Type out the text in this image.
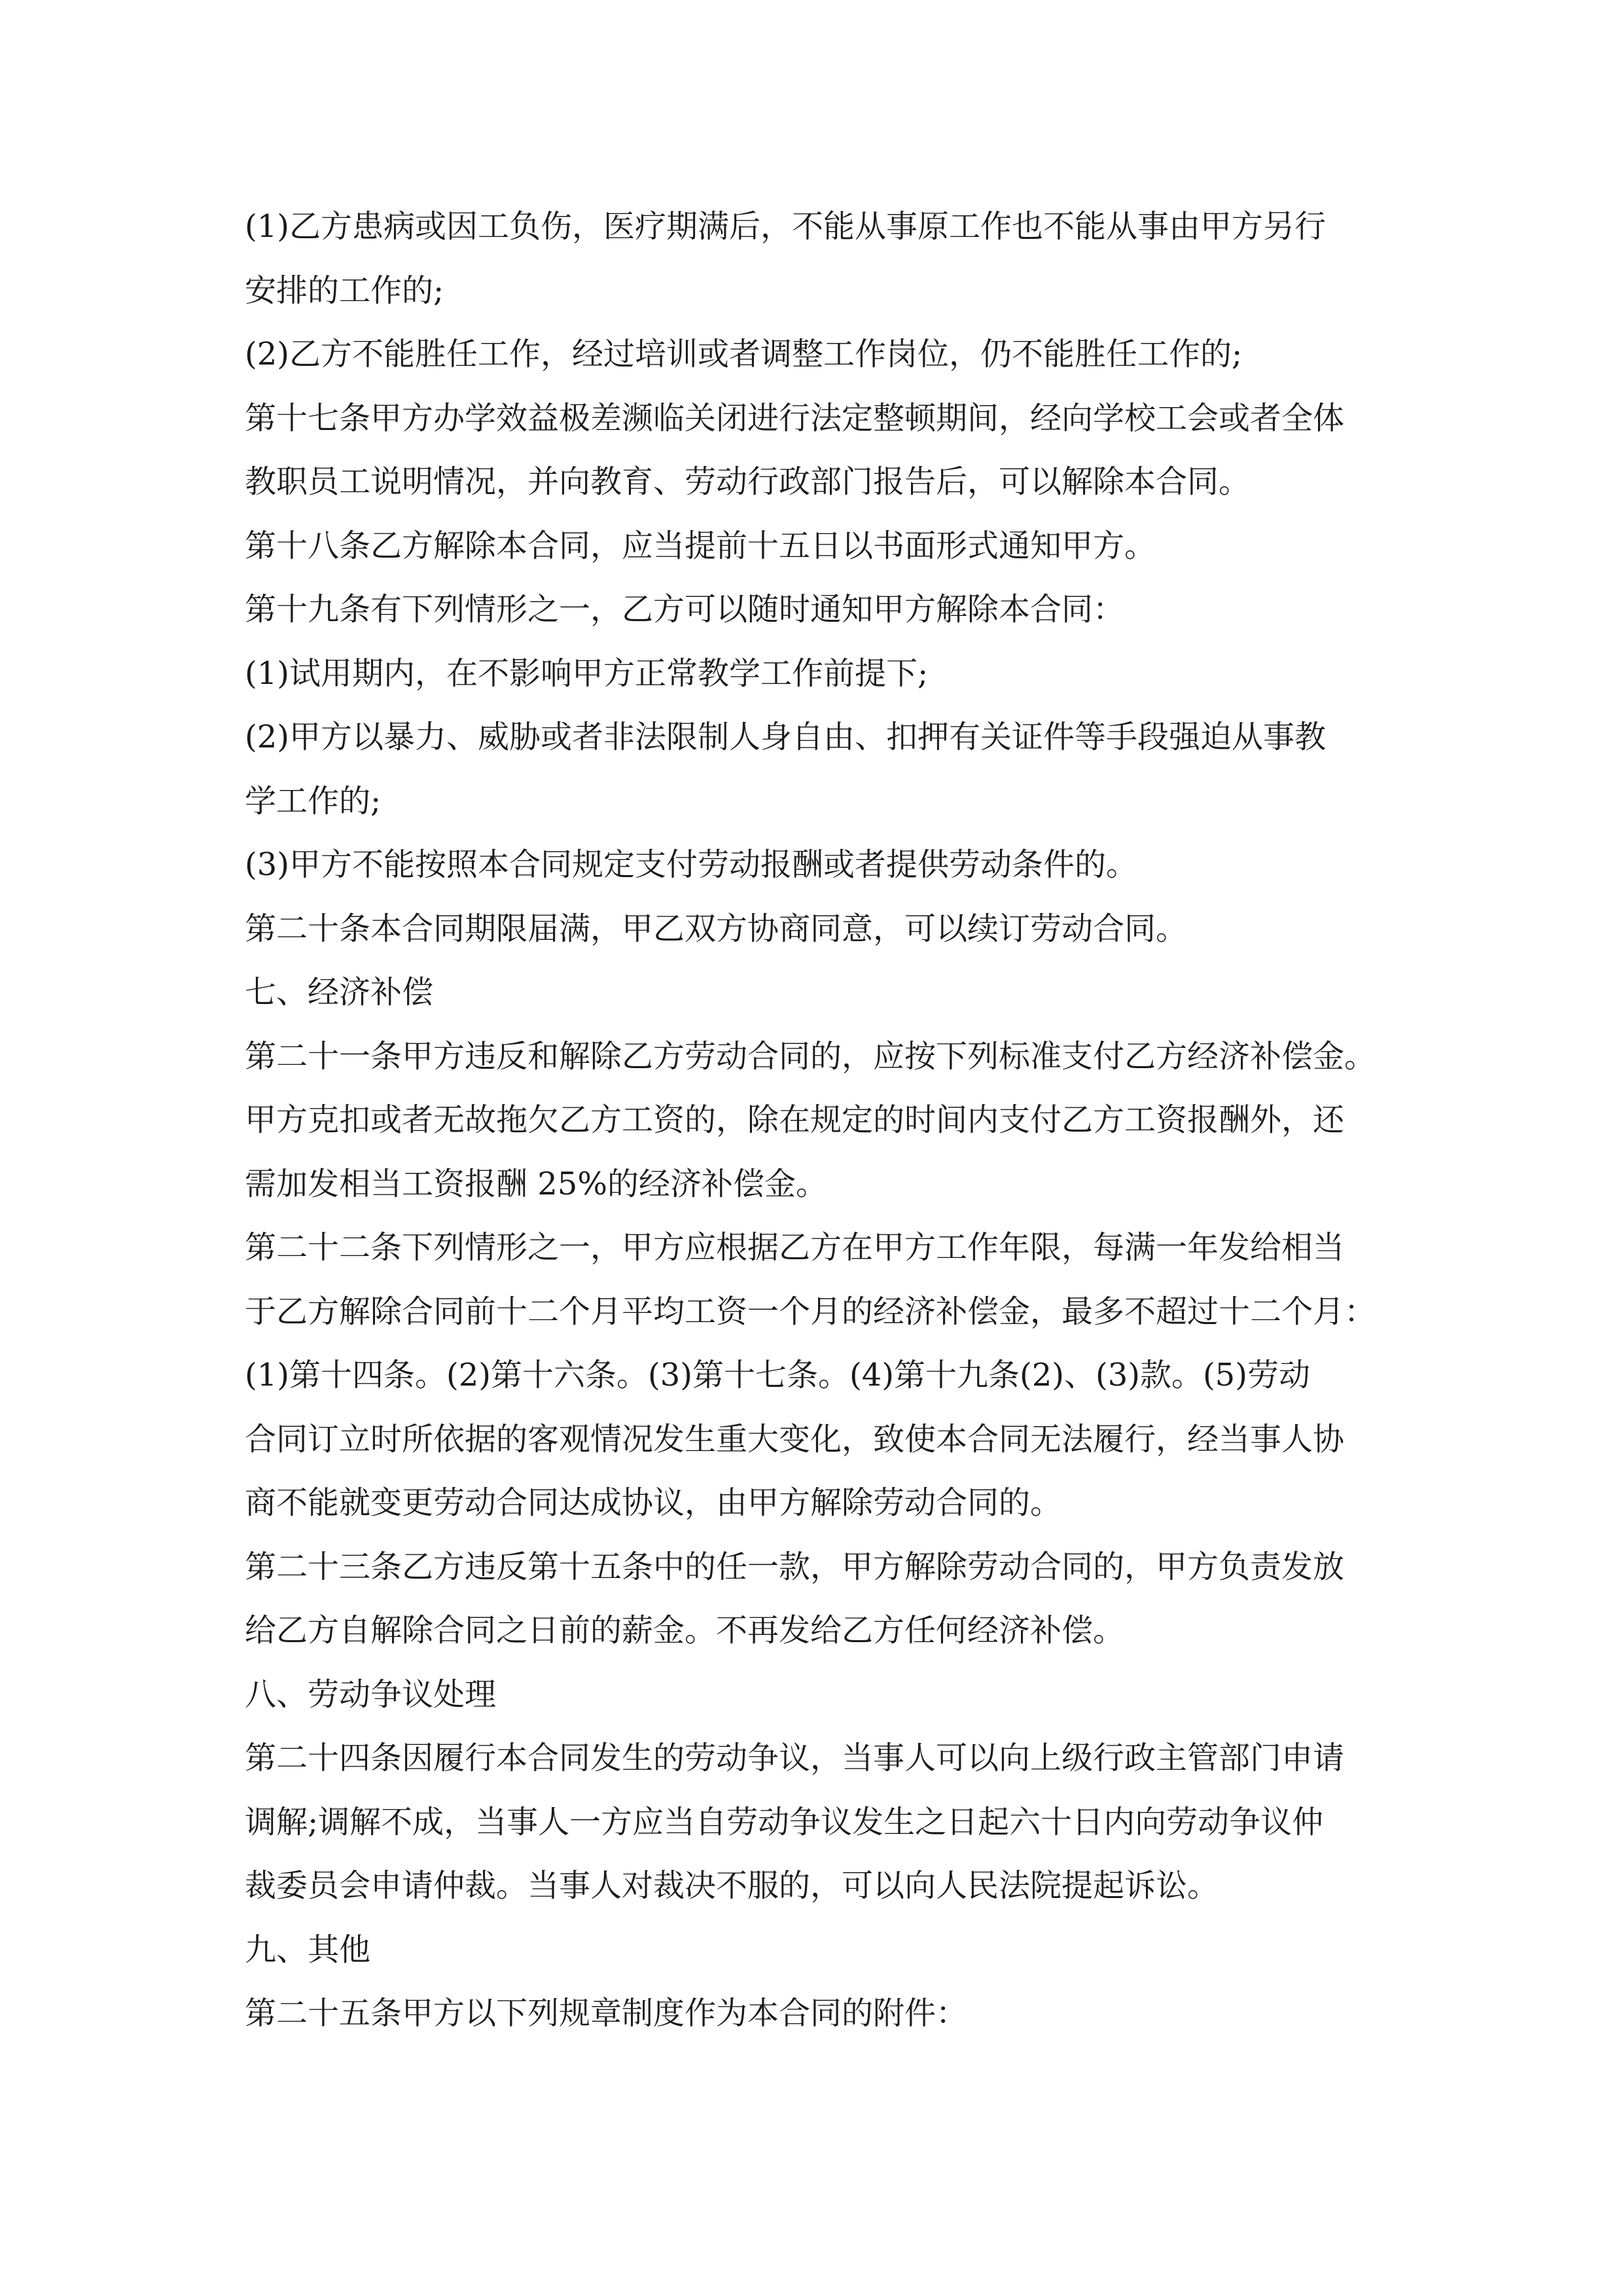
(1)乙方患病或因工负伤，医疗期满后，不能从事原工作也不能从事由甲方另行
安排的工作的;
(2)乙方不能胜任工作，经过培训或者调整工作岗位，仍不能胜任工作的;
第十七条甲方办学效益极差濒临关闭进行法定整顿期间，经向学校工会或者全体
教职员工说明情况，并向教育、劳动行政部门报告后，可以解除本合同。
第十八条乙方解除本合同，应当提前十五日以书面形式通知甲方。
第十九条有下列情形之一，乙方可以随时通知甲方解除本合同：
(1)试用期内，在不影响甲方正常教学工作前提下;
(2)甲方以暴力、威胁或者非法限制人身自由、扣押有关证件等手段强迫从事教
学工作的;
(3)甲方不能按照本合同规定支付劳动报酬或者提供劳动条件的。
第二十条本合同期限届满，甲乙双方协商同意，可以续订劳动合同。
七、经济补偿
第二十一条甲方违反和解除乙方劳动合同的，应按下列标准支付乙方经济补偿金。
甲方克扣或者无故拖欠乙方工资的，除在规定的时间内支付乙方工资报酬外，还
需加发相当工资报酬 25%的经济补偿金。
第二十二条下列情形之一，甲方应根据乙方在甲方工作年限，每满一年发给相当
于乙方解除合同前十二个月平均工资一个月的经济补偿金，最多不超过十二个月：
(1)第十四条。(2)第十六条。(3)第十七条。(4)第十九条(2)、(3)款。(5)劳动
合同订立时所依据的客观情况发生重大变化，致使本合同无法履行，经当事人协
商不能就变更劳动合同达成协议，由甲方解除劳动合同的。
第二十三条乙方违反第十五条中的任一款，甲方解除劳动合同的，甲方负责发放
给乙方自解除合同之日前的薪金。不再发给乙方任何经济补偿。
八、劳动争议处理
第二十四条因履行本合同发生的劳动争议，当事人可以向上级行政主管部门申请
调解;调解不成，当事人一方应当自劳动争议发生之日起六十日内向劳动争议仲
裁委员会申请仲裁。当事人对裁决不服的，可以向人民法院提起诉讼。
九、其他
第二十五条甲方以下列规章制度作为本合同的附件：
